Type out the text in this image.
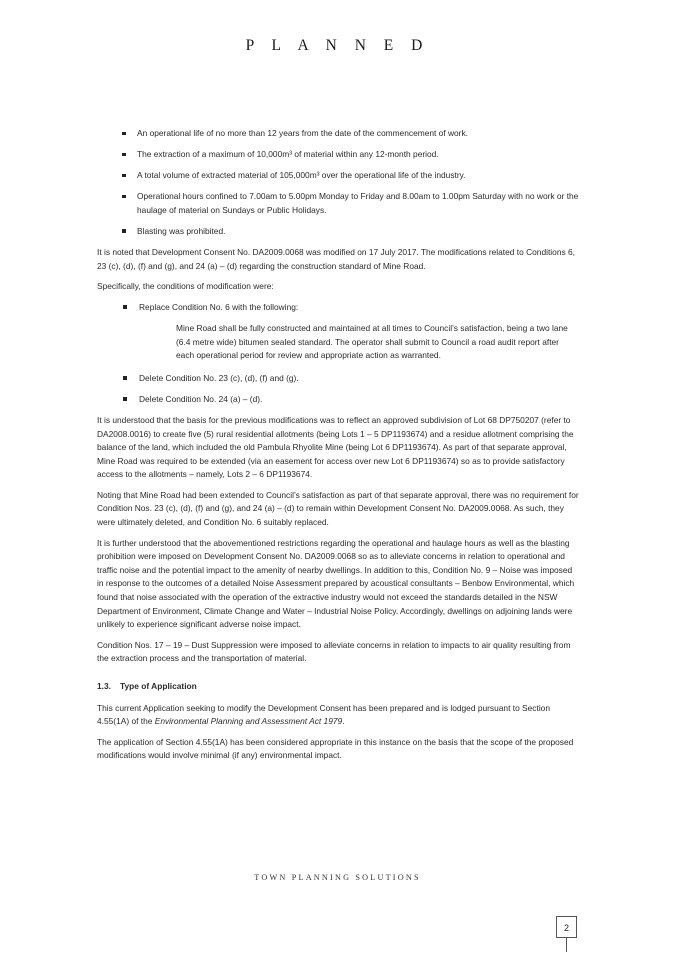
P L A N N E D
An operational life of no more than 12 years from the date of the commencement of work.
The extraction of a maximum of 10,000m³ of material within any 12-month period.
A total volume of extracted material of 105,000m³ over the operational life of the industry.
Operational hours confined to 7.00am to 5.00pm Monday to Friday and 8.00am to 1.00pm Saturday with no work or the haulage of material on Sundays or Public Holidays.
Blasting was prohibited.

It is noted that Development Consent No. DA2009.0068 was modified on 17 July 2017. The modifications related to Conditions 6, 23 (c), (d), (f) and (g), and 24 (a) – (d) regarding the construction standard of Mine Road.

Specifically, the conditions of modification were:

Replace Condition No. 6 with the following:

Mine Road shall be fully constructed and maintained at all times to Council’s satisfaction, being a two lane (6.4 metre wide) bitumen sealed standard. The operator shall submit to Council a road audit report after each operational period for review and appropriate action as warranted.

Delete Condition No. 23 (c), (d), (f) and (g).
Delete Condition No. 24 (a) – (d).

It is understood that the basis for the previous modifications was to reflect an approved subdivision of Lot 68 DP750207 (refer to DA2008.0016) to create five (5) rural residential allotments (being Lots 1 – 5 DP1193674) and a residue allotment comprising the balance of the land, which included the old Pambula Rhyolite Mine (being Lot 6 DP1193674). As part of that separate approval, Mine Road was required to be extended (via an easement for access over new Lot 6 DP1193674) so as to provide satisfactory access to the allotments – namely, Lots 2 – 6 DP1193674.

Noting that Mine Road had been extended to Council’s satisfaction as part of that separate approval, there was no requirement for Condition Nos. 23 (c), (d), (f) and (g), and 24 (a) – (d) to remain within Development Consent No. DA2009.0068. As such, they were ultimately deleted, and Condition No. 6 suitably replaced.

It is further understood that the abovementioned restrictions regarding the operational and haulage hours as well as the blasting prohibition were imposed on Development Consent No. DA2009.0068 so as to alleviate concerns in relation to operational and traffic noise and the potential impact to the amenity of nearby dwellings. In addition to this, Condition No. 9 – Noise was imposed in response to the outcomes of a detailed Noise Assessment prepared by acoustical consultants – Benbow Environmental, which found that noise associated with the operation of the extractive industry would not exceed the standards detailed in the NSW Department of Environment, Climate Change and Water – Industrial Noise Policy. Accordingly, dwellings on adjoining lands were unlikely to experience significant adverse noise impact.

Condition Nos. 17 – 19 – Dust Suppression were imposed to alleviate concerns in relation to impacts to air quality resulting from the extraction process and the transportation of material.

1.3. Type of Application

This current Application seeking to modify the Development Consent has been prepared and is lodged pursuant to Section 4.55(1A) of the Environmental Planning and Assessment Act 1979.

The application of Section 4.55(1A) has been considered appropriate in this instance on the basis that the scope of the proposed modifications would involve minimal (if any) environmental impact.

TOWN PLANNING SOLUTIONS
2
